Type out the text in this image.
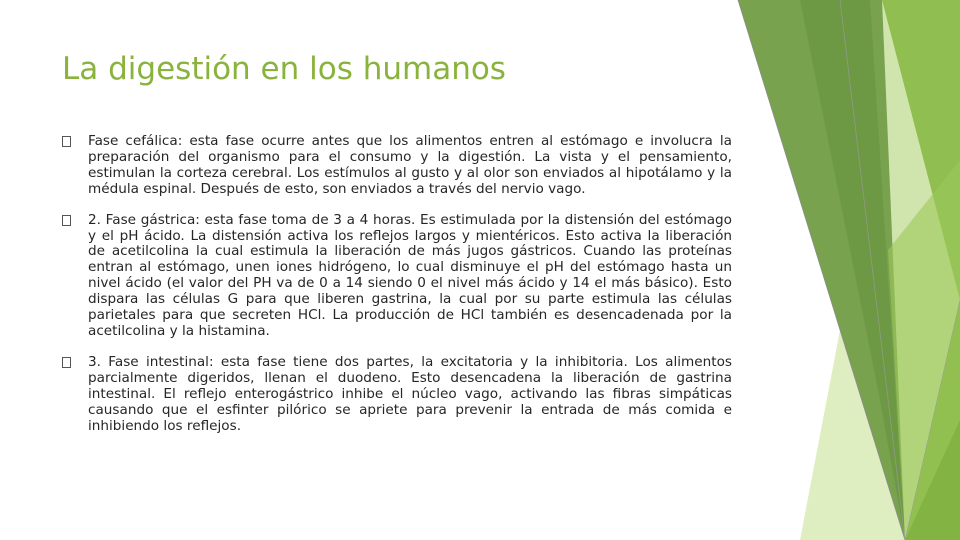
La digestión en los humanos
Fase cefálica: esta fase ocurre antes que los alimentos entren al estómago e involucra la preparación del organismo para el consumo y la digestión. La vista y el pensamiento, estimulan la corteza cerebral. Los estímulos al gusto y al olor son enviados al hipotálamo y la médula espinal. Después de esto, son enviados a través del nervio vago.
2. Fase gástrica: esta fase toma de 3 a 4 horas. Es estimulada por la distensión del estómago y el pH ácido. La distensión activa los reflejos largos y mientéricos. Esto activa la liberación de acetilcolina la cual estimula la liberación de más jugos gástricos. Cuando las proteínas entran al estómago, unen iones hidrógeno, lo cual disminuye el pH del estómago hasta un nivel ácido (el valor del PH va de 0 a 14 siendo 0 el nivel más ácido y 14 el más básico). Esto dispara las células G para que liberen gastrina, la cual por su parte estimula las células parietales para que secreten HCl. La producción de HCl también es desencadenada por la acetilcolina y la histamina.
3. Fase intestinal: esta fase tiene dos partes, la excitatoria y la inhibitoria. Los alimentos parcialmente digeridos, llenan el duodeno. Esto desencadena la liberación de gastrina intestinal. El reflejo enterogástrico inhibe el núcleo vago, activando las fibras simpáticas causando que el esfinter pilórico se apriete para prevenir la entrada de más comida e inhibiendo los reflejos.
